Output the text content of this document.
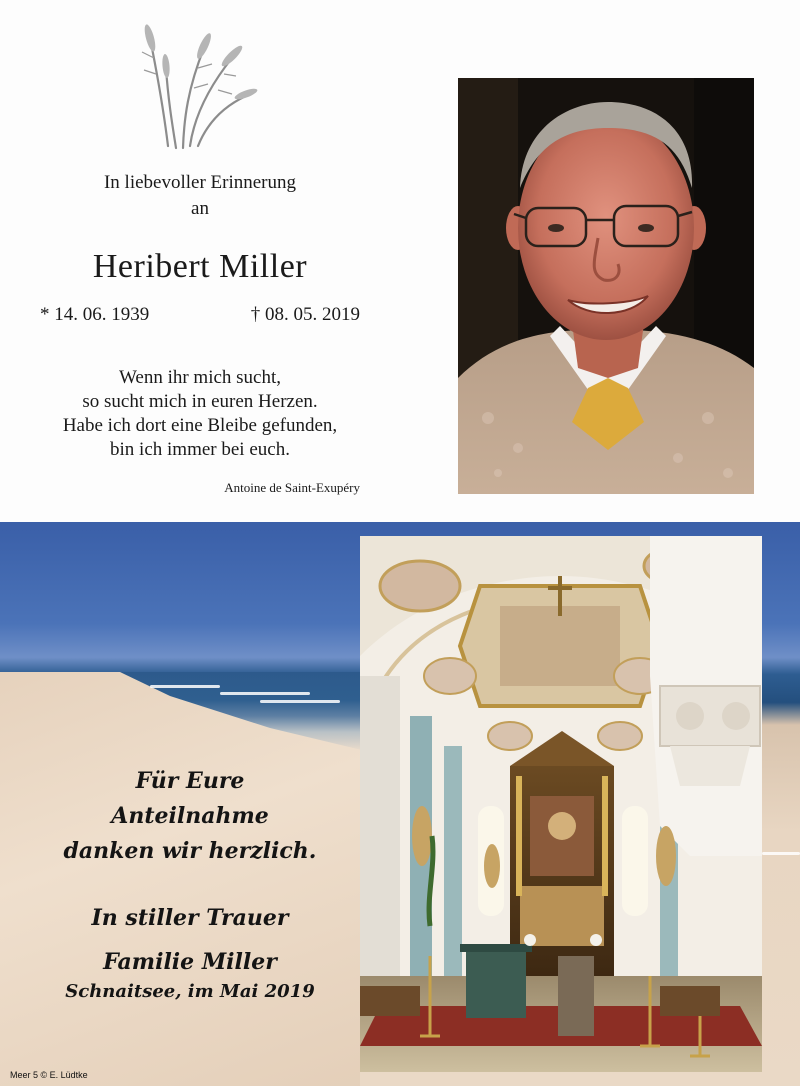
In liebevoller Erinnerung

an

Heribert Miller

* 14. 06. 1939	† 08. 05. 2019
Wenn ihr mich sucht,
so sucht mich in euren Herzen.
Habe ich dort eine Bleibe gefunden,
bin ich immer bei euch.
Antoine de Saint-Exupéry

Für Eure

Anteilnahme

danken wir herzlich.

In stiller Trauer

Familie Miller

Schnaitsee, im Mai 2019

Meer 5 © E. Lüdtke
